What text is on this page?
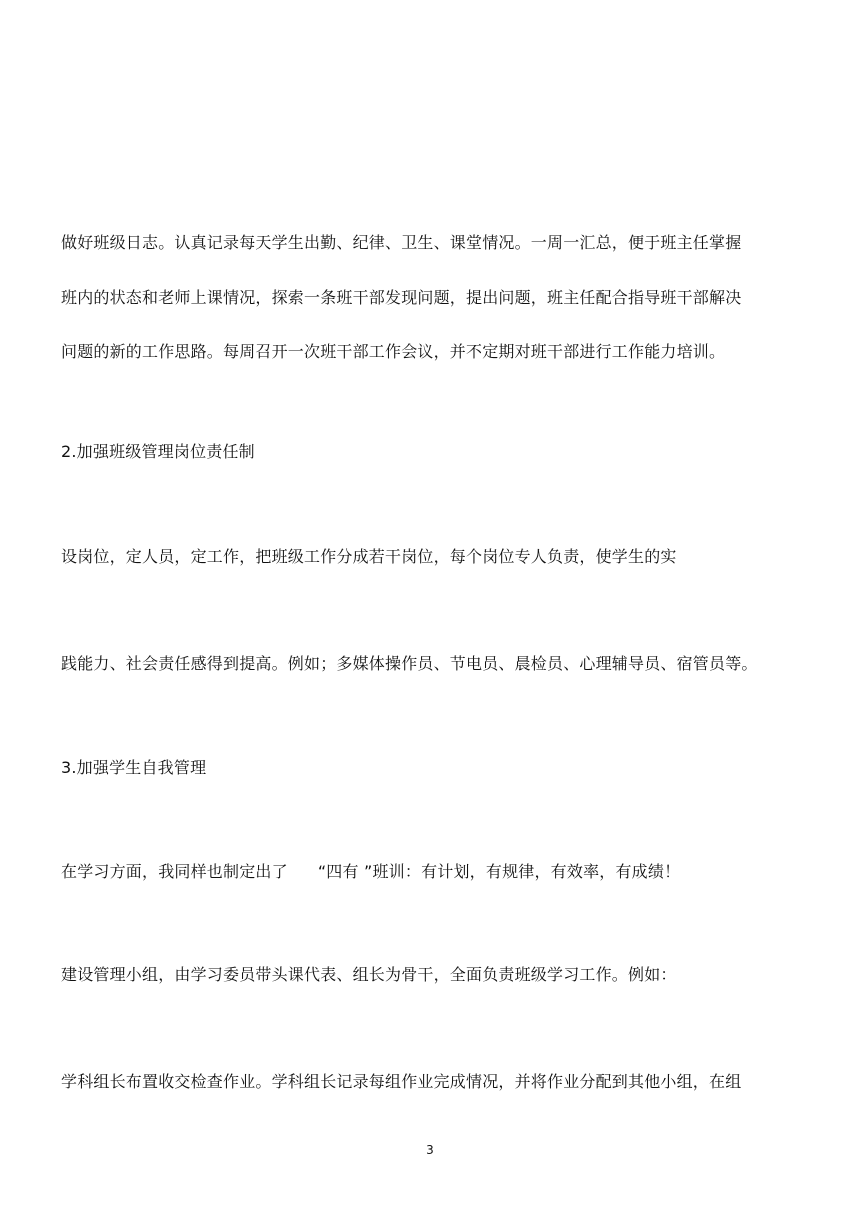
做好班级日志。认真记录每天学生出勤、纪律、卫生、课堂情况。一周一汇总，便于班主任掌握
班内的状态和老师上课情况，探索一条班干部发现问题，提出问题，班主任配合指导班干部解决
问题的新的工作思路。每周召开一次班干部工作会议，并不定期对班干部进行工作能力培训。
2.加强班级管理岗位责任制
设岗位，定人员，定工作，把班级工作分成若干岗位，每个岗位专人负责，使学生的实
践能力、社会责任感得到提高。例如；多媒体操作员、节电员、晨检员、心理辅导员、宿管员等。
3.加强学生自我管理
在学习方面，我同样也制定出了 “四有 ”班训：有计划，有规律，有效率，有成绩！
建设管理小组，由学习委员带头课代表、组长为骨干，全面负责班级学习工作。例如：
学科组长布置收交检查作业。学科组长记录每组作业完成情况，并将作业分配到其他小组，在组
3
